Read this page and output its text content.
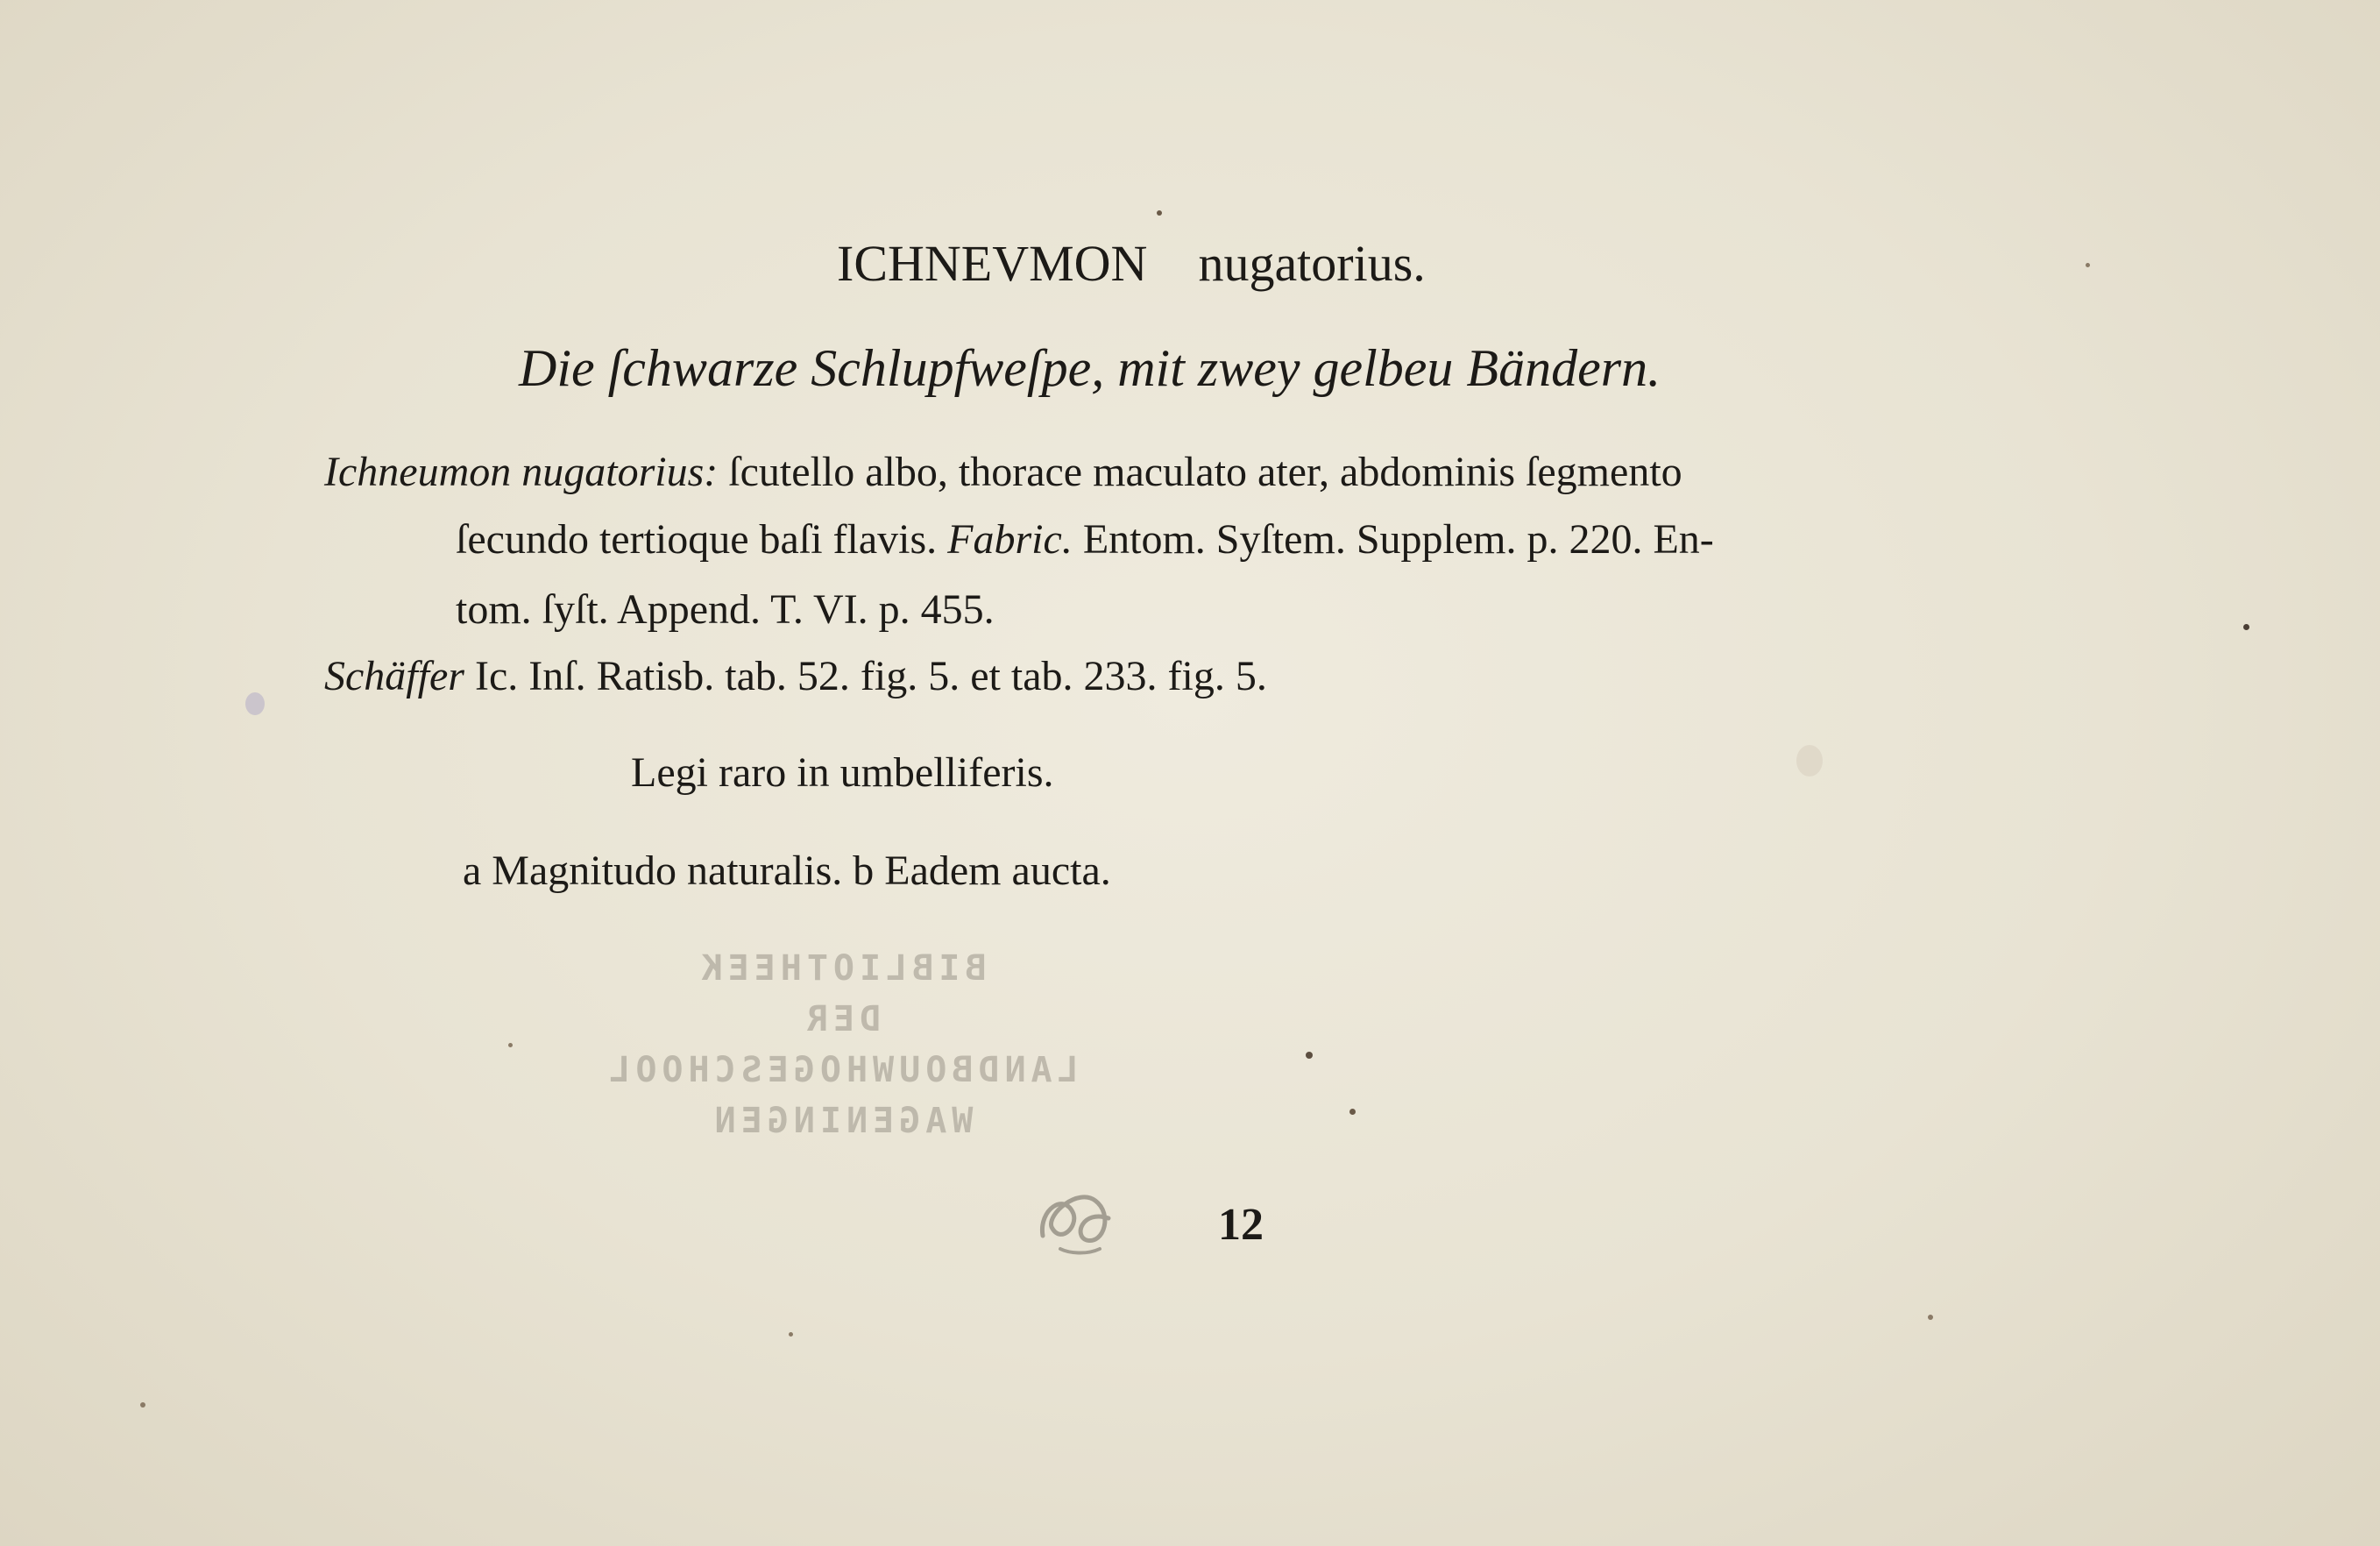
ICHNEVMON nugatorius.
Die ſchwarze Schlupfweſpe, mit zwey gelbeu Bändern.
Ichneumon nugatorius: ſcutello albo, thorace maculato ater, abdominis ſegmento
ſecundo tertioque baſi flavis. Fabric. Entom. Syſtem. Supplem. p. 220. En-
tom. ſyſt. Append. T. VI. p. 455.
Schäffer Ic. Inſ. Ratisb. tab. 52. fig. 5. et tab. 233. fig. 5.
Legi raro in umbelliferis.
a Magnitudo naturalis. b Eadem aucta.
BIBLIOTHEEK
DER
LANDBOUWHOGESCHOOL
WAGENINGEN
12
